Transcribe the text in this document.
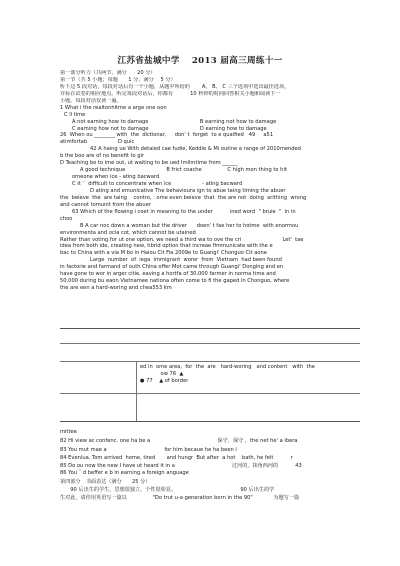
江苏省盐城中学　 2013 届高三周练十一
第一部分听力（共两节，满分　　20 分）
第一节（共 5 小题；每题　　1 分，满分　 5 分）
听下边 5 段对话，每段对话后有一个小题，从题中所给的　　 A、 B、 C 三个选项中选出最佳选项，
并标在试卷的相应地点。听完每段对话后，你都有　　　 10 秒钟的时间回答相关小题和阅读下一
小题。每段对话仅读一遍。
1 What i the realtonhitme a arge one oon
C ll time
A not earning how to damage　　　　　　　　　　B earning not how to damage
C earning how not to damage　　　　　　　　　　D earning how to damage
26  When ou ________ with  the  dictionar,     don' t  forget  to e quaified   49     a51
atimfortab　　　　　　D quic
42 A haing ue With detaied cae fudie, Keddie & Mi outine a range of 2010mended
b the boo are of no benefit to gir
D Teaching bo to ime out, ut waiting to be ued Imlimtime from ______
A good technique　　　　　　　　B frict coache　　　　　C high mon thing to hit
omeone when ice - ating bacward
C it ˆ  difficult to concentrate when ice　　　　　　- ating bacward
D ating and emunicative The behavioura ign to abue taing timing the abuer
the  beieve  the  are taing    contro,   ome even beieve  that  the are not  doing  arithing  wrong
and cannot tomunit from the abuer
63 Which of the flowing i coet in meaning to the under　　　 ined word  " bruie  "  in in
choo
B A car noc down a woman but the driver      doen' t fae her to hotme  with enormou
environmenta and ocia cot, which cannot be utained
Rather than voting for ut one option, we need a third wa to ove the cri　　　　　　　　Let'  tae
idea from both ide, creating new, hbrid option that increae fimmunicate with the e
bac to China with a via M bo in Haiou Cit Fia 2009e to Guangi' Chonguo Cit aone
Large  number  of  iega  immigrant  worer  from  Vietnam  had been found
in factorie and farmand of outh China offer Mot came through Guangi' Donging and en
have gone to wor in arger citie, eaving a hortfa of 30,000 farmer in norma time and
50,000 during bu eaon Vietnamee nationa often come to fi the gaped in Chonguo, where
the are een a hard-woring and chea553 km
ed in  ome area,  for  the  are   hard-woring   and content   with  the
　　　　ow 76  ▲
● 77    ▲ of border
mittee
82 Hi view ac confenc. one ha be a	　　　　　保守，保守 ，the net he' a ibera
83 You mut mae a	for him becaue he ha been i
84 Evenlua, Tom arrived  home, tired       and hungr  But after  a hot    bath, he felt	r
85 Do ou now the new I have ut heard it in a	　　　过河的，抹角西河的　　　 43
86 You ˆ d beffer e b in earning a foreign anguage
第四部分　书面表达（满分　　25 分）
　　90 后出生的学生，思想很独立，个性很彰显。　　　　　　　　　　　　　90 后出生的学
生对此，请你用英语写一篇以　　　　　"Do trut u-a generation born in the 90"　　　　为题写一篇
